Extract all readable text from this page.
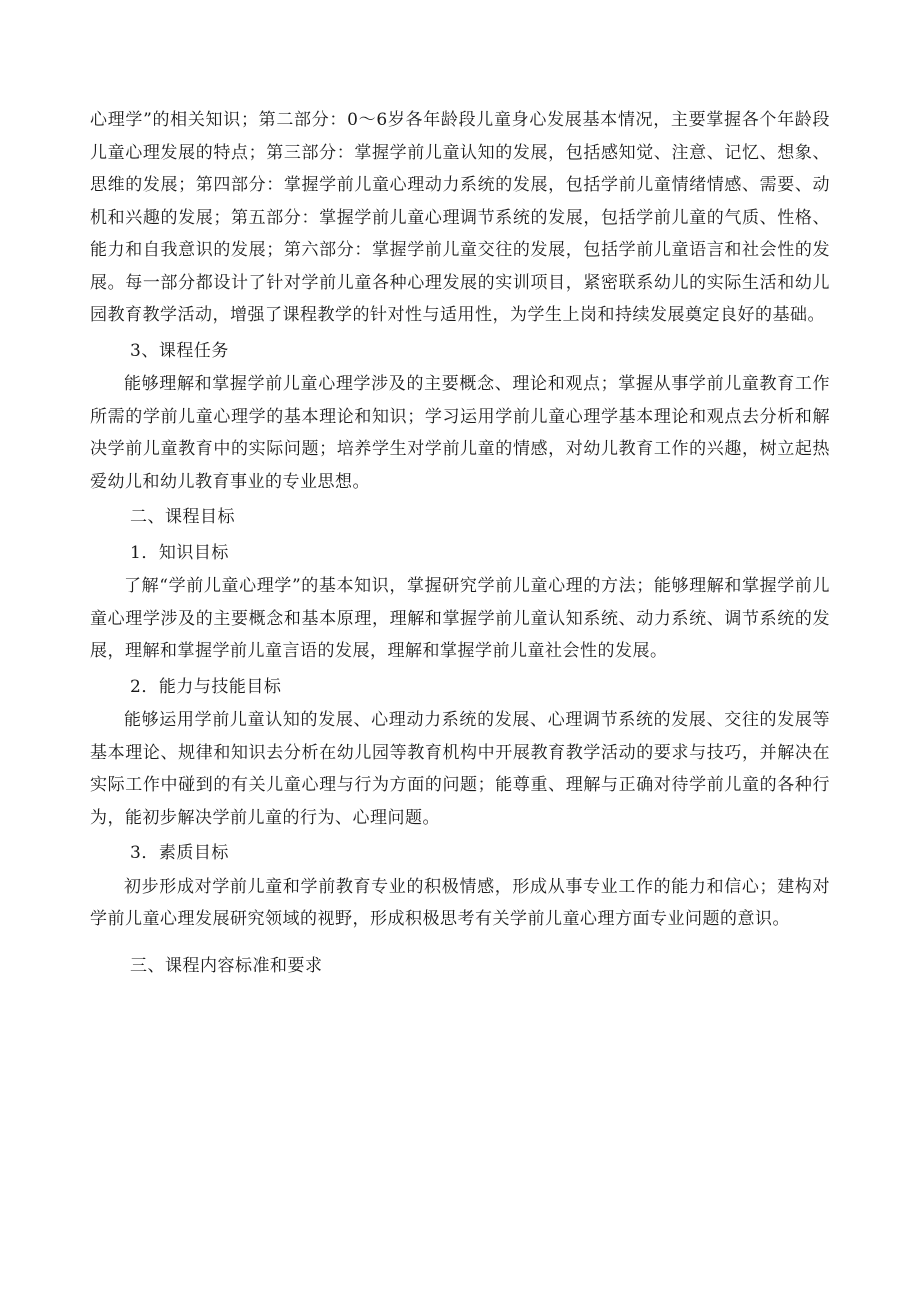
心理学”的相关知识；第二部分：0～6岁各年龄段儿童身心发展基本情况，主要掌握各个年龄段儿童心理发展的特点；第三部分：掌握学前儿童认知的发展，包括感知觉、注意、记忆、想象、思维的发展；第四部分：掌握学前儿童心理动力系统的发展，包括学前儿童情绪情感、需要、动机和兴趣的发展；第五部分：掌握学前儿童心理调节系统的发展，包括学前儿童的气质、性格、能力和自我意识的发展；第六部分：掌握学前儿童交往的发展，包括学前儿童语言和社会性的发展。每一部分都设计了针对学前儿童各种心理发展的实训项目，紧密联系幼儿的实际生活和幼儿园教育教学活动，增强了课程教学的针对性与适用性，为学生上岗和持续发展奠定良好的基础。

3、课程任务

能够理解和掌握学前儿童心理学涉及的主要概念、理论和观点；掌握从事学前儿童教育工作所需的学前儿童心理学的基本理论和知识；学习运用学前儿童心理学基本理论和观点去分析和解决学前儿童教育中的实际问题；培养学生对学前儿童的情感，对幼儿教育工作的兴趣，树立起热爱幼儿和幼儿教育事业的专业思想。

二、课程目标
1．知识目标

了解“学前儿童心理学”的基本知识，掌握研究学前儿童心理的方法；能够理解和掌握学前儿童心理学涉及的主要概念和基本原理，理解和掌握学前儿童认知系统、动力系统、调节系统的发展，理解和掌握学前儿童言语的发展，理解和掌握学前儿童社会性的发展。

2．能力与技能目标

能够运用学前儿童认知的发展、心理动力系统的发展、心理调节系统的发展、交往的发展等基本理论、规律和知识去分析在幼儿园等教育机构中开展教育教学活动的要求与技巧，并解决在实际工作中碰到的有关儿童心理与行为方面的问题；能尊重、理解与正确对待学前儿童的各种行为，能初步解决学前儿童的行为、心理问题。

3．素质目标

初步形成对学前儿童和学前教育专业的积极情感，形成从事专业工作的能力和信心；建构对学前儿童心理发展研究领域的视野，形成积极思考有关学前儿童心理方面专业问题的意识。

三、课程内容标准和要求
